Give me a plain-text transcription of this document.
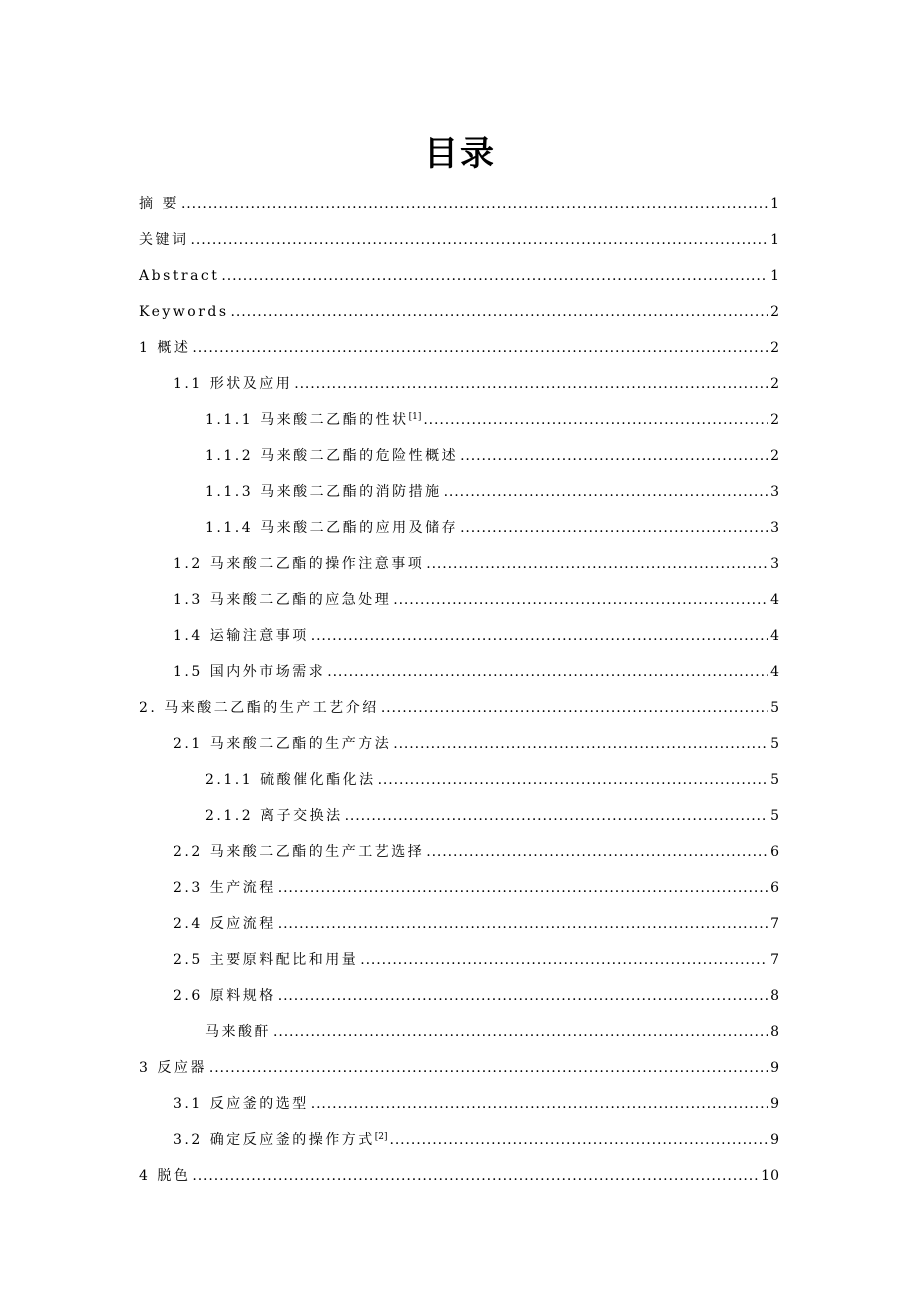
目录
摘 要 .....	1
关键词 .....	1
Abstract .....	1
Keywords .....	2
1 概述 .....	2
1.1 形状及应用 .....	2
1.1.1 马来酸二乙酯的性状[1] .....	2
1.1.2 马来酸二乙酯的危险性概述 .....	2
1.1.3 马来酸二乙酯的消防措施 .....	3
1.1.4 马来酸二乙酯的应用及储存 .....	3
1.2 马来酸二乙酯的操作注意事项 .....	3
1.3 马来酸二乙酯的应急处理 .....	4
1.4 运输注意事项 .....	4
1.5 国内外市场需求 .....	4
2. 马来酸二乙酯的生产工艺介绍 .....	5
2.1 马来酸二乙酯的生产方法 .....	5
2.1.1 硫酸催化酯化法 .....	5
2.1.2 离子交换法 .....	5
2.2 马来酸二乙酯的生产工艺选择 .....	6
2.3 生产流程 .....	6
2.4 反应流程 .....	7
2.5 主要原料配比和用量 .....	7
2.6 原料规格 .....	8
马来酸酐 .....	8
3 反应器 .....	9
3.1 反应釜的选型 .....	9
3.2 确定反应釜的操作方式[2] .....	9
4 脱色 .....	10
